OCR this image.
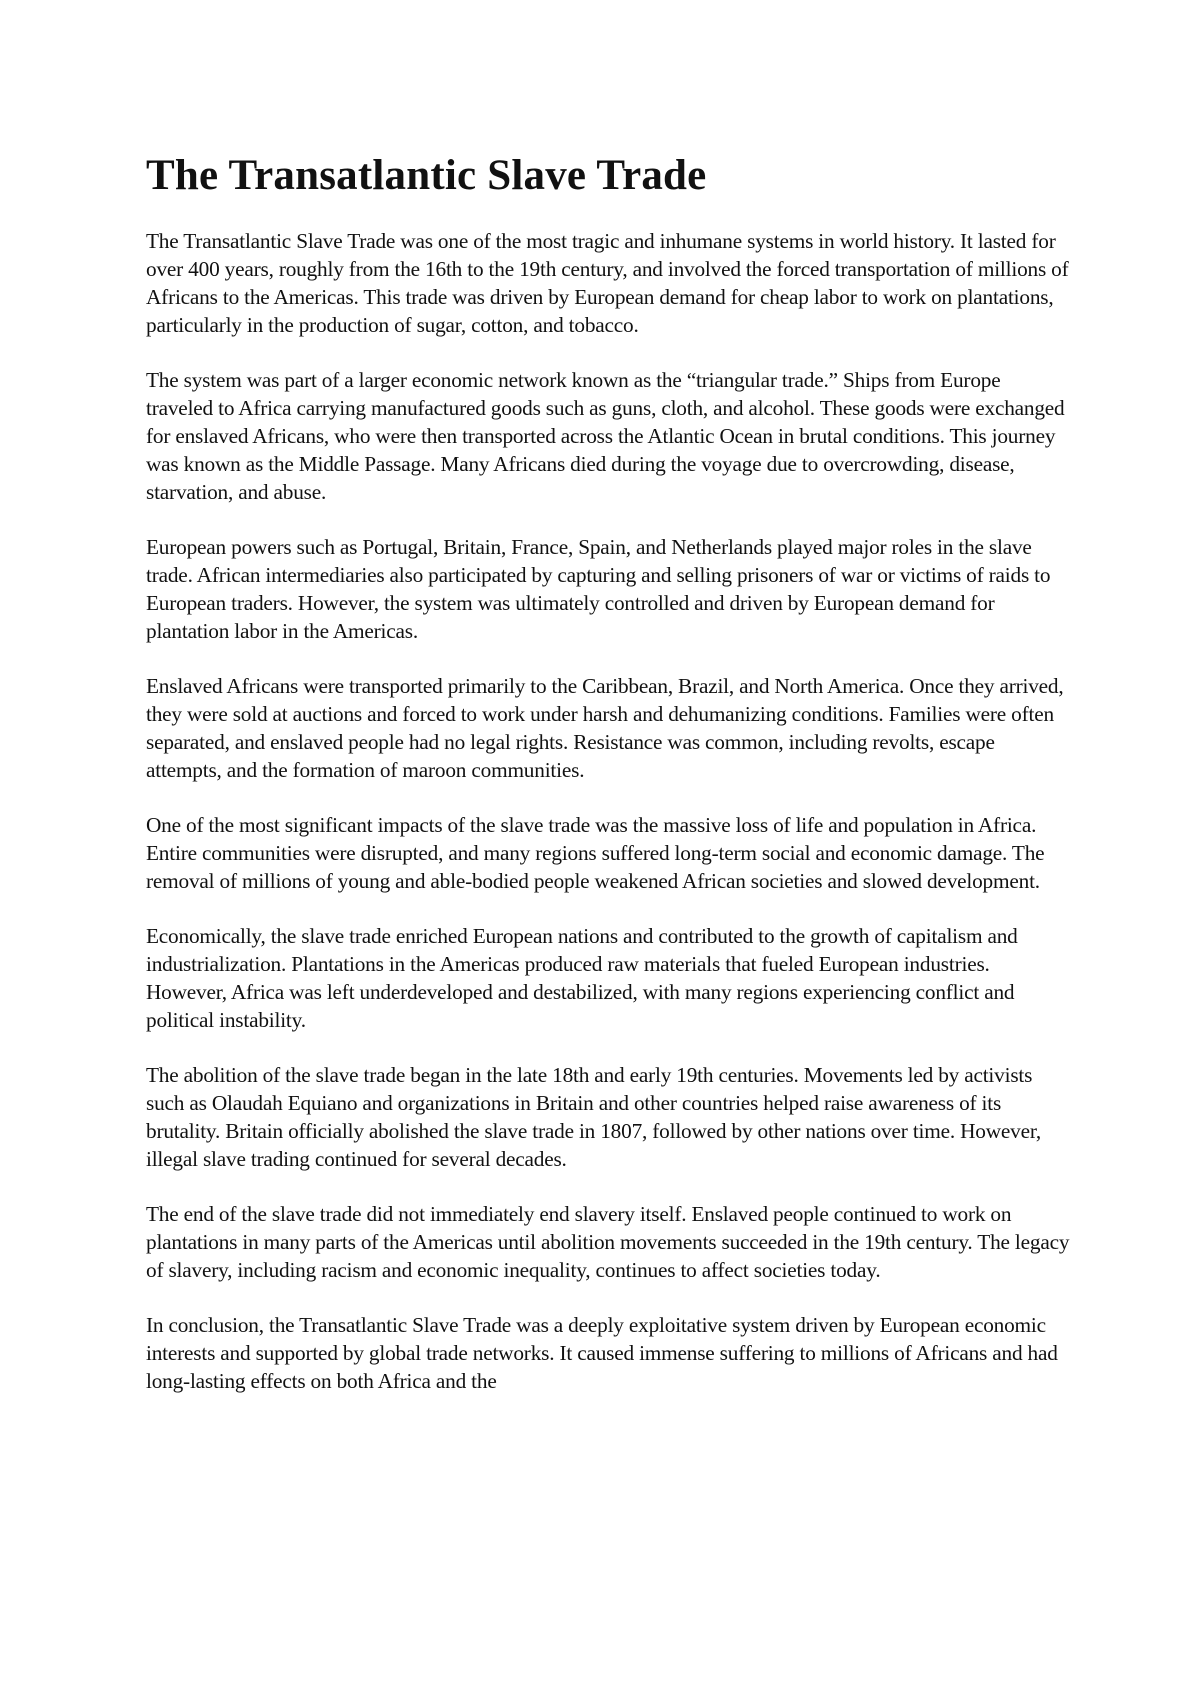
The Transatlantic Slave Trade

The Transatlantic Slave Trade was one of the most tragic and inhumane systems in world history. It lasted for over 400 years, roughly from the 16th to the 19th century, and involved the forced transportation of millions of Africans to the Americas. This trade was driven by European demand for cheap labor to work on plantations, particularly in the production of sugar, cotton, and tobacco.

The system was part of a larger economic network known as the “triangular trade.” Ships from Europe traveled to Africa carrying manufactured goods such as guns, cloth, and alcohol. These goods were exchanged for enslaved Africans, who were then transported across the Atlantic Ocean in brutal conditions. This journey was known as the Middle Passage. Many Africans died during the voyage due to overcrowding, disease, starvation, and abuse.

European powers such as Portugal, Britain, France, Spain, and Netherlands played major roles in the slave trade. African intermediaries also participated by capturing and selling prisoners of war or victims of raids to European traders. However, the system was ultimately controlled and driven by European demand for plantation labor in the Americas.

Enslaved Africans were transported primarily to the Caribbean, Brazil, and North America. Once they arrived, they were sold at auctions and forced to work under harsh and dehumanizing conditions. Families were often separated, and enslaved people had no legal rights. Resistance was common, including revolts, escape attempts, and the formation of maroon communities.

One of the most significant impacts of the slave trade was the massive loss of life and population in Africa. Entire communities were disrupted, and many regions suffered long-term social and economic damage. The removal of millions of young and able-bodied people weakened African societies and slowed development.

Economically, the slave trade enriched European nations and contributed to the growth of capitalism and industrialization. Plantations in the Americas produced raw materials that fueled European industries. However, Africa was left underdeveloped and destabilized, with many regions experiencing conflict and political instability.

The abolition of the slave trade began in the late 18th and early 19th centuries. Movements led by activists such as Olaudah Equiano and organizations in Britain and other countries helped raise awareness of its brutality. Britain officially abolished the slave trade in 1807, followed by other nations over time. However, illegal slave trading continued for several decades.

The end of the slave trade did not immediately end slavery itself. Enslaved people continued to work on plantations in many parts of the Americas until abolition movements succeeded in the 19th century. The legacy of slavery, including racism and economic inequality, continues to affect societies today.

In conclusion, the Transatlantic Slave Trade was a deeply exploitative system driven by European economic interests and supported by global trade networks. It caused immense suffering to millions of Africans and had long-lasting effects on both Africa and the
